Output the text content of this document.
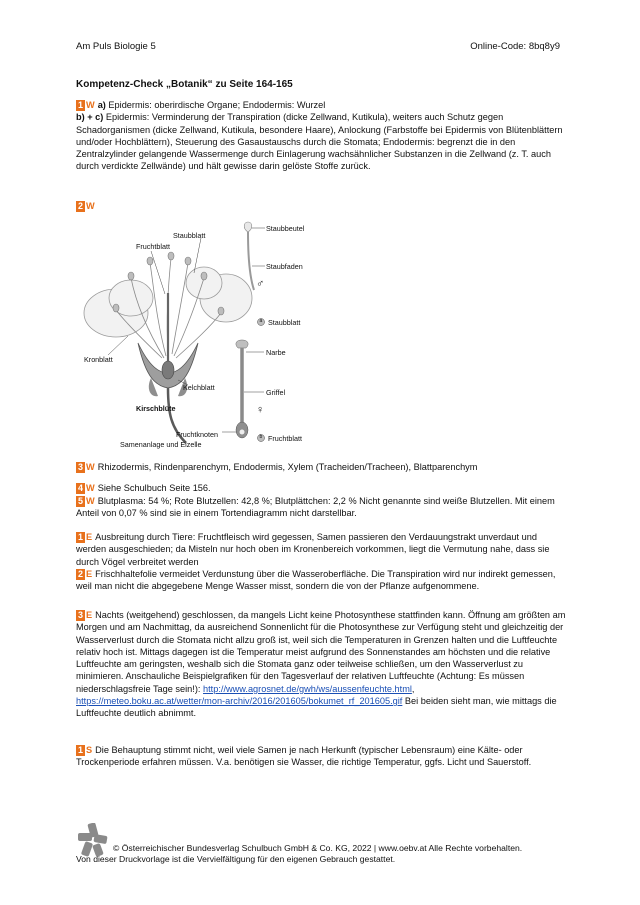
Am Puls Biologie 5	Online-Code: 8bq8y9
Kompetenz-Check „Botanik“ zu Seite 164-165

1 W a) Epidermis: oberirdische Organe; Endodermis: Wurzel

b) + c) Epidermis: Verminderung der Transpiration (dicke Zellwand, Kutikula), weiters auch Schutz gegen Schadorganismen (dicke Zellwand, Kutikula, besondere Haare), Anlockung (Farbstoffe bei Epidermis von Blütenblättern und/oder Hochblättern), Steuerung des Gasaustauschs durch die Stomata; Endodermis: begrenzt die in den Zentralzylinder gelangende Wassermenge durch Einlagerung wachsähnlicher Substanzen in die Zellwand (z. T. auch durch verdickte Zellwände) und hält gewisse darin gelöste Stoffe zurück.

2 W
Staubblatt
Fruchtblatt
Kronblatt
Kelchblatt
Kirschblüte
Fruchtknoten
Samenanlage und Eizelle
Staubbeutel
Staubfaden
♂
a Staubblatt
Narbe
Griffel
♀
b Fruchtblatt
3 W Rhizodermis, Rindenparenchym, Endodermis, Xylem (Tracheiden/Tracheen), Blattparenchym
4 W Siehe Schulbuch Seite 156.
5 W Blutplasma: 54 %; Rote Blutzellen: 42,8 %; Blutplättchen: 2,2 % Nicht genannte sind weiße Blutzellen. Mit einem Anteil von 0,07 % sind sie in einem Tortendiagramm nicht darstellbar.
1 E Ausbreitung durch Tiere: Fruchtfleisch wird gegessen, Samen passieren den Verdauungstrakt unverdaut und werden ausgeschieden; da Misteln nur hoch oben im Kronenbereich vorkommen, liegt die Vermutung nahe, dass sie durch Vögel verbreitet werden
2 E Frischhaltefolie vermeidet Verdunstung über die Wasseroberfläche. Die Transpiration wird nur indirekt gemessen, weil man nicht die abgegebene Menge Wasser misst, sondern die von der Pflanze aufgenommene.
3 E Nachts (weitgehend) geschlossen, da mangels Licht keine Photosynthese stattfinden kann. Öffnung am größten am Morgen und am Nachmittag, da ausreichend Sonnenlicht für die Photosynthese zur Verfügung steht und gleichzeitig der Wasserverlust durch die Stomata nicht allzu groß ist, weil sich die Temperaturen in Grenzen halten und die Luftfeuchte relativ hoch ist. Mittags dagegen ist die Temperatur meist aufgrund des Sonnenstandes am höchsten und die relative Luftfeuchte am geringsten, weshalb sich die Stomata ganz oder teilweise schließen, um den Wasserverlust zu minimieren. Anschauliche Beispielgrafiken für den Tagesverlauf der relativen Luftfeuchte (Achtung: Es müssen niederschlagsfreie Tage sein!): http://www.agrosnet.de/gwh/ws/aussenfeuchte.html, https://meteo.boku.ac.at/wetter/mon-archiv/2016/201605/bokumet_rf_201605.gif Bei beiden sieht man, wie mittags die Luftfeuchte deutlich abnimmt.
1 S Die Behauptung stimmt nicht, weil viele Samen je nach Herkunft (typischer Lebensraum) eine Kälte- oder Trockenperiode erfahren müssen. V.a. benötigen sie Wasser, die richtige Temperatur, ggfs. Licht und Sauerstoff.
© Österreichischer Bundesverlag Schulbuch GmbH & Co. KG, 2022 | www.oebv.at Alle Rechte vorbehalten.
Von dieser Druckvorlage ist die Vervielfältigung für den eigenen Gebrauch gestattet.
